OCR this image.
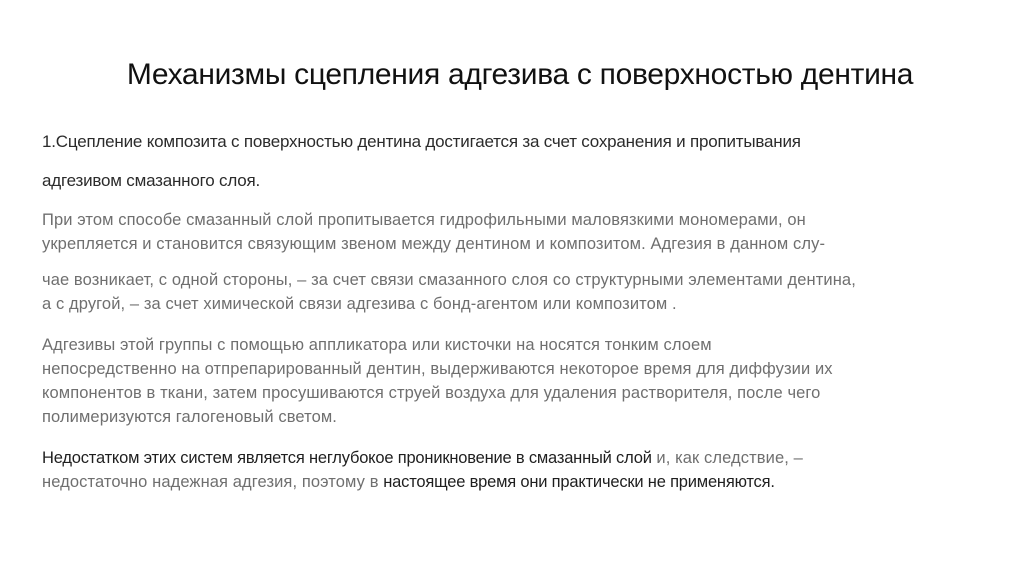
Механизмы сцепления адгезива с поверхностью дентина

1.Сцепление композита с поверхностью дентина достигается за счет сохранения и пропитывания

адгезивом смазанного слоя.

При этом способе смазанный слой пропитывается гидрофильными маловязкими мономерами, он
укрепляется и становится связующим звеном между дентином и композитом. Адгезия в данном слу-
чае возникает, с одной стороны, – за счет связи смазанного слоя со структурными элементами дентина,
а с другой, – за счет химической связи адгезива с бонд-агентом или композитом .
Адгезивы этой группы с помощью аппликатора или кисточки на носятся тонким слоем
непосредственно на отпрепарированный дентин, выдерживаются некоторое время для диффузии их
компонентов в ткани, затем просушиваются струей воздуха для удаления растворителя, после чего
полимеризуются галогеновый светом.
Недостатком этих систем является неглубокое проникновение в смазанный слой и, как следствие, –
недостаточно надежная адгезия, поэтому в настоящее время они практически не применяются.
